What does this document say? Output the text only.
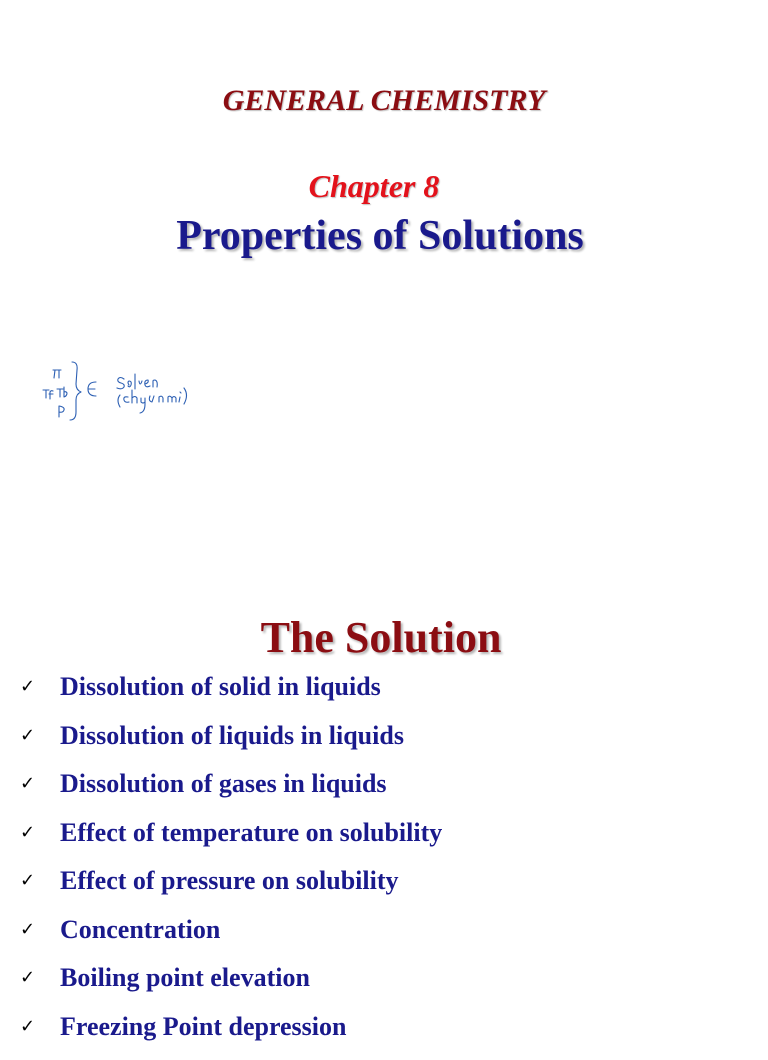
GENERAL CHEMISTRY
Chapter 8
Properties of Solutions
The Solution
✓ Dissolution of solid in liquids
✓ Dissolution of liquids in liquids
✓ Dissolution of gases in liquids
✓ Effect of temperature on solubility
✓ Effect of pressure on solubility
✓ Concentration
✓ Boiling point elevation
✓ Freezing Point depression
